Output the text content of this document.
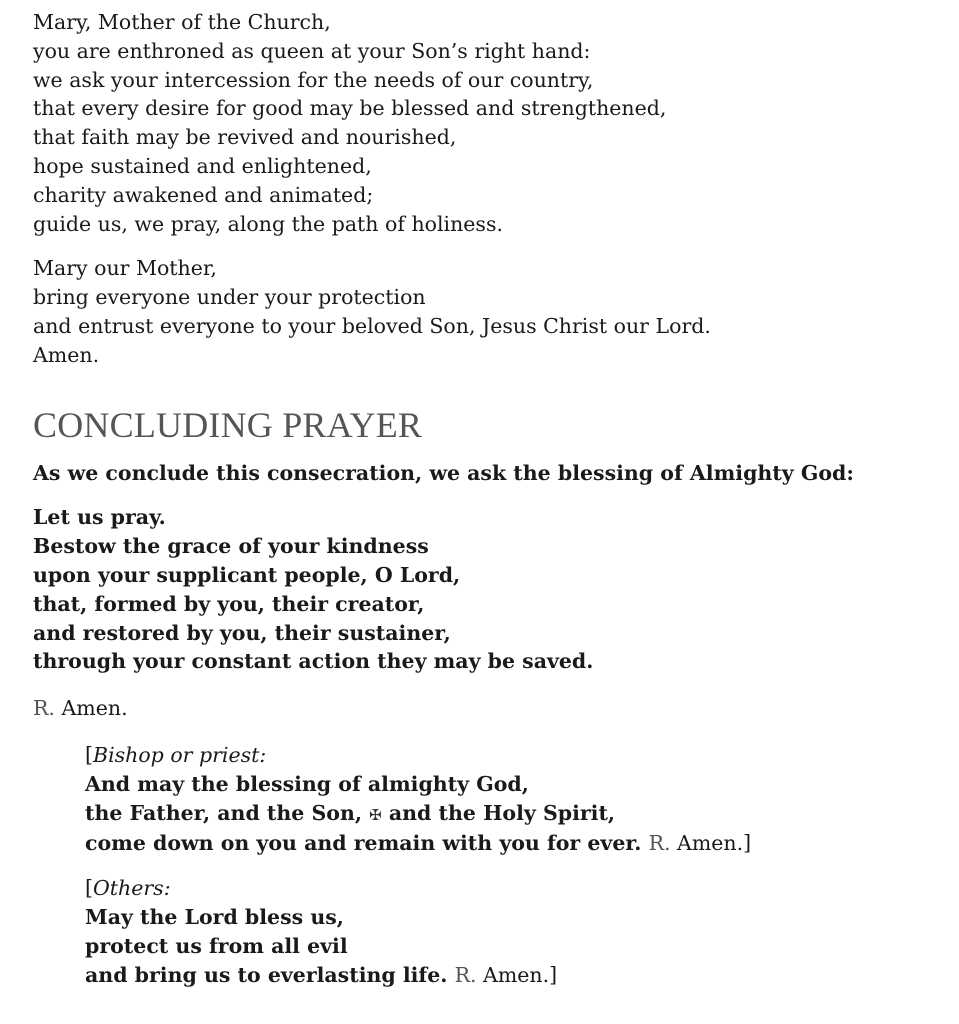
Mary, Mother of the Church,
you are enthroned as queen at your Son’s right hand:
we ask your intercession for the needs of our country,
that every desire for good may be blessed and strengthened,
that faith may be revived and nourished,
hope sustained and enlightened,
charity awakened and animated;
guide us, we pray, along the path of holiness.

Mary our Mother,
bring everyone under your protection
and entrust everyone to your beloved Son, Jesus Christ our Lord.
Amen.

CONCLUDING PRAYER

As we conclude this consecration, we ask the blessing of Almighty God:

Let us pray.
Bestow the grace of your kindness
upon your supplicant people, O Lord,
that, formed by you, their creator,
and restored by you, their sustainer,
through your constant action they may be saved.

R. Amen.

[Bishop or priest:
And may the blessing of almighty God,
the Father, and the Son, ✠ and the Holy Spirit,
come down on you and remain with you for ever. R. Amen.]

[Others:
May the Lord bless us,
protect us from all evil
and bring us to everlasting life. R. Amen.]
